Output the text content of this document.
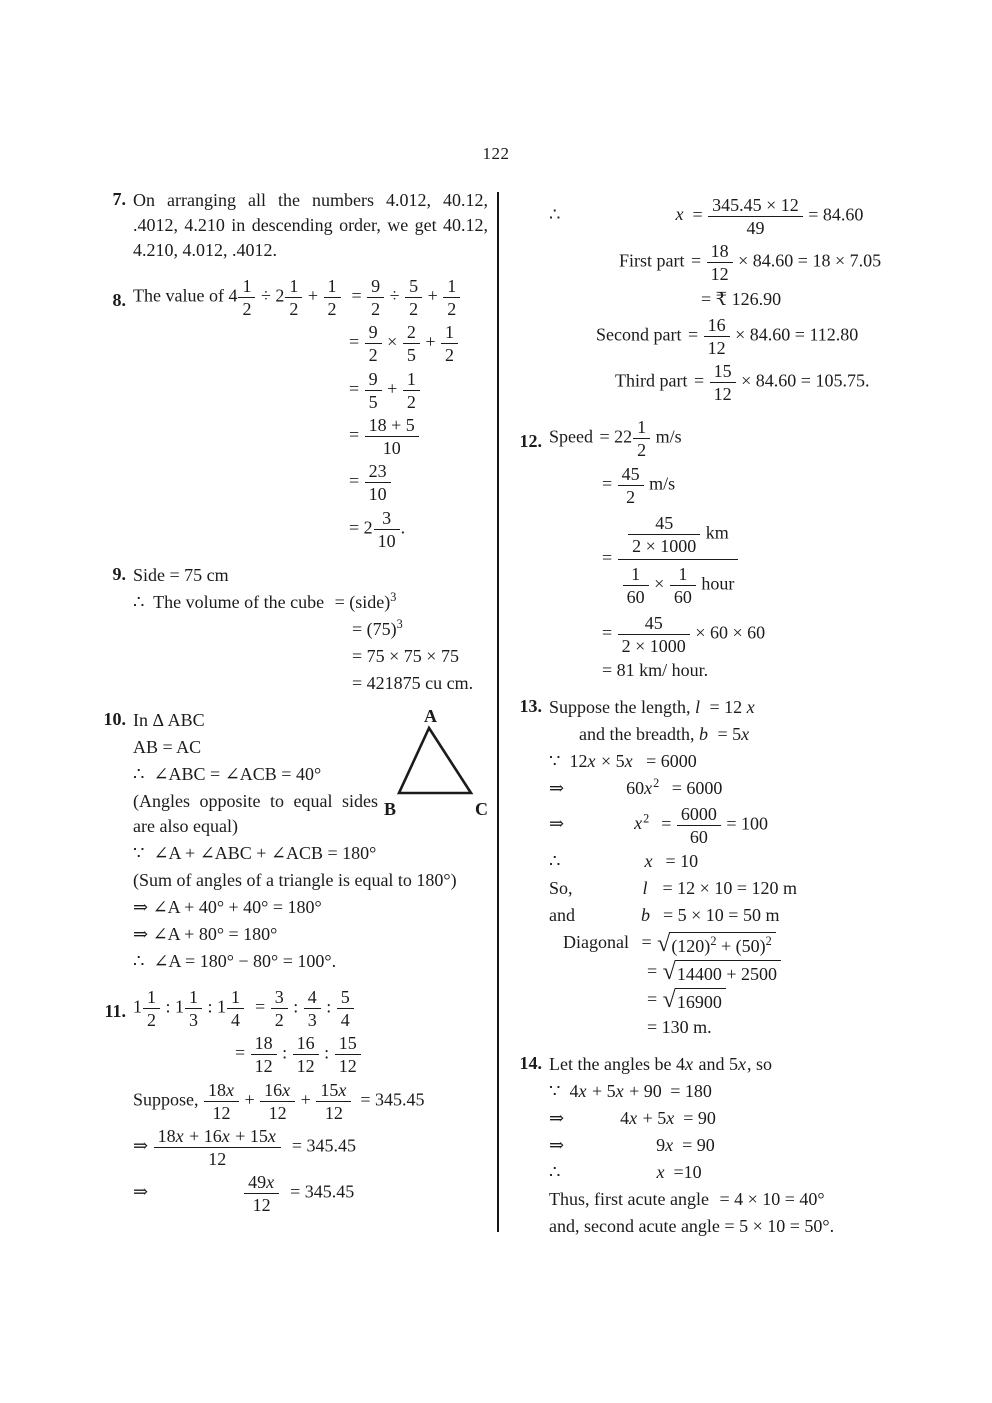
122
7. On arranging all the numbers 4.012, 40.12, .4012, 4.210 in descending order, we get 40.12, 4.210, 4.012, .4012.
8. The value of $4 \frac{1}{2} \div 2 \frac{1}{2} + \frac{1}{2} = \frac{9}{2} \div \frac{5}{2} + \frac{1}{2}$
= $\frac{9}{2} \times \frac{2}{5} + \frac{1}{2}$
= $\frac{9}{5} + \frac{1}{2}$
= $\frac{18 + 5}{10}$
= $\frac{23}{10}$
= $2 \frac{3}{10}$ .
9. Side = 75 cm
∴  The volume of the cube = (side)$^3$
= $(75)^3$
= 75 × 75 × 75
= 421875 cu cm.
10.	A
B	C
In Δ ABC
AB = AC
∴  ∠ABC = ∠ACB = 40°
(Angles opposite to equal sides are also equal)
∵  ∠A + ∠ABC + ∠ACB = 180°
(Sum of angles of a triangle is equal to 180°)
⇒ ∠A + 40° + 40° = 180°
⇒ ∠A + 80° = 180°
∴  ∠A = 180° − 80° = 100°.
11. $1 \frac{1}{2}$ : $1 \frac{1}{3}$ : $1 \frac{1}{4} = \frac{3}{2}$ : $\frac{4}{3}$ : $\frac{5}{4}$
= $\frac{18}{12}$ : $\frac{16}{12}$ : $\frac{15}{12}$
Suppose, $\frac{18x}{12} + \frac{16x}{12} + \frac{15x}{12} = 345.45$
⇒ $\frac{18x + 16x + 15x}{12} = 345.45$
⇒	$\frac{49x}{12} = 345.45$
∴	$x = \frac{345.45 \times 12}{49} = 84.60$
First part = $\frac{18}{12} \times 84.60 = 18 \times 7.05$
= ₹ 126.90
Second part = $\frac{16}{12} \times 84.60 = 112.80$
Third part = $\frac{15}{12} \times 84.60 = 105.75$.
12. Speed = $22 \frac{1}{2} m/s$
= $\frac{45}{2} m/s$
= $\frac{\frac{45}{2 \times 1000} km}{\frac{1}{60} \times \frac{1}{60} hour}$
= $\frac{45}{2 \times 1000} \times 60 \times 60$
= 81 km/ hour.
13. Suppose the length, l = 12 x
and the breadth, b = 5x
∵  12x × 5x = 6000
⇒	$60x^2 = 6000$
⇒	$x^2 = \frac{6000}{60} = 100$
∴	x = 10
So,	l = 12 × 10 = 120 m
and	b = 5 × 10 = 50 m
Diagonal = √ $(120)^2 + (50)^2$
= √ 14400 + 2500
= √ 16900
= 130 m.
14. Let the angles be 4x and 5x, so
∵  4x + 5x + 90 = 180
⇒	4x + 5x = 90
⇒	9x = 90
∴	x =10
Thus, first acute angle = 4 × 10 = 40°
and, second acute angle = 5 × 10 = 50°.
